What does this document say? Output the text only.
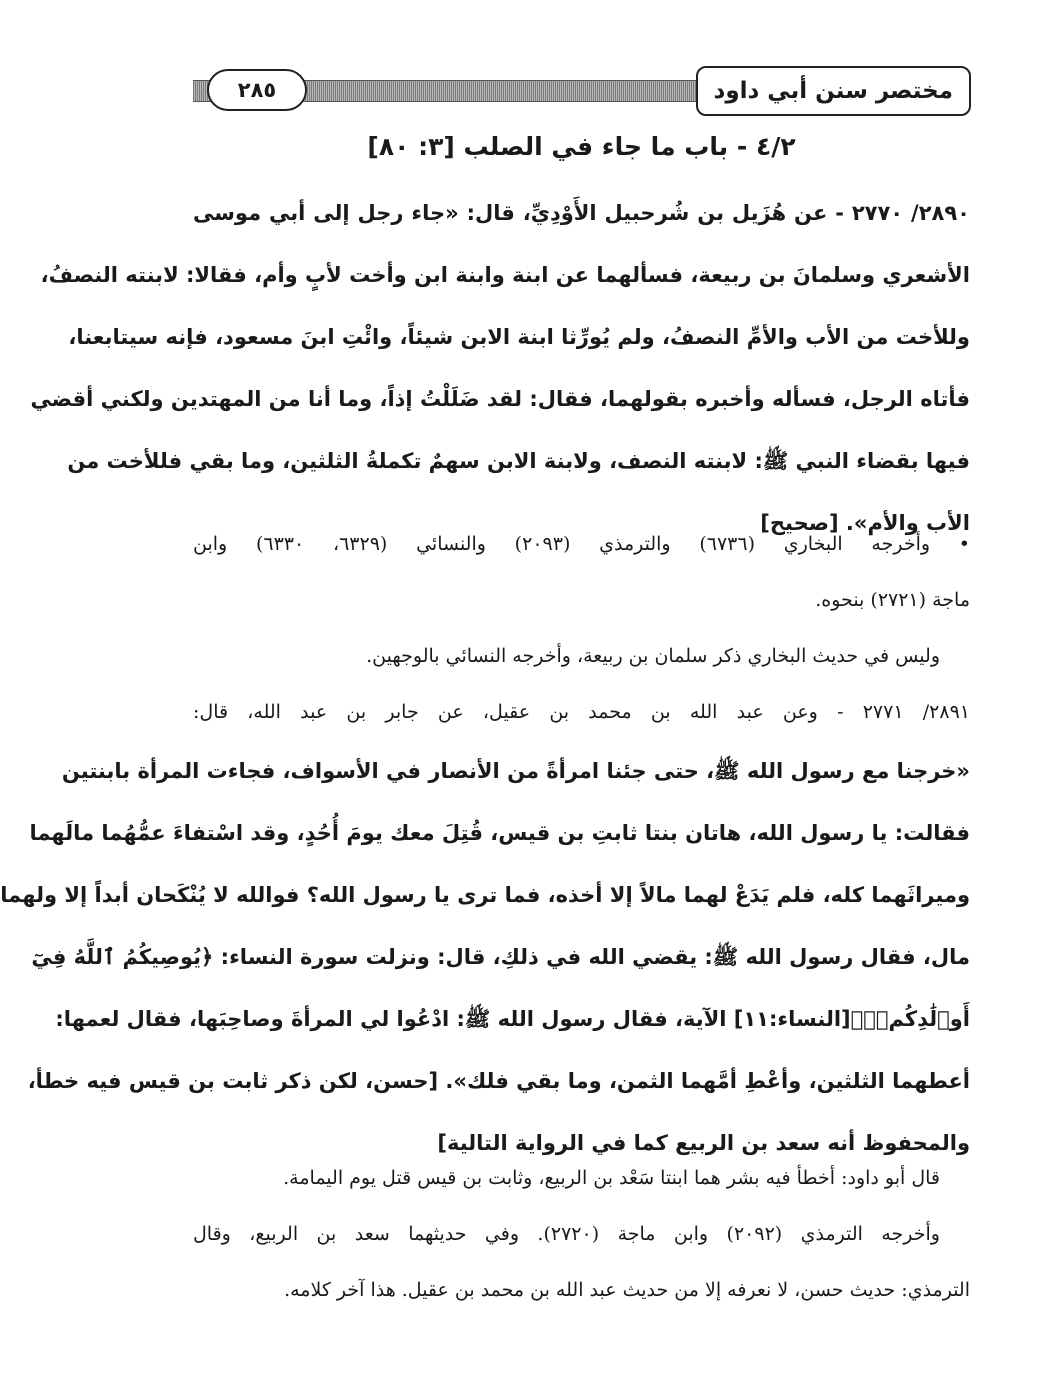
مختصر سنن أبي داود
٢٨٥
٤/٢ - باب ما جاء في الصلب [٣: ٨٠]
٢٨٩٠/ ٢٧٧٠ - عن هُزَيل بن شُرحبيل الأَوْدِيِّ، قال: «جاء رجل إلى أبي موسى
الأشعري وسلمانَ بن ربيعة، فسألهما عن ابنة وابنة ابن وأخت لأبٍ وأم، فقالا: لابنته النصفُ،
وللأخت من الأب والأمِّ النصفُ، ولم يُورِّثا ابنة الابن شيئاً، وائْتِ ابنَ مسعود، فإنه سيتابعنا،
فأتاه الرجل، فسأله وأخبره بقولهما، فقال: لقد ضَلَلْتُ إذاً، وما أنا من المهتدين ولكني أقضي
فيها بقضاء النبي ﷺ: لابنته النصف، ولابنة الابن سهمٌ تكملةُ الثلثين، وما بقي فللأخت من
الأب والأم». [صحيح]
• وأخرجه البخاري (٦٧٣٦) والترمذي (٢٠٩٣) والنسائي (٦٣٢٩، ٦٣٣٠) وابن
ماجة (٢٧٢١) بنحوه.
وليس في حديث البخاري ذكر سلمان بن ربيعة، وأخرجه النسائي بالوجهين.
٢٨٩١/ ٢٧٧١ - وعن عبد الله بن محمد بن عقيل، عن جابر بن عبد الله، قال:
«خرجنا مع رسول الله ﷺ، حتى جئنا امرأةً من الأنصار في الأسواف، فجاءت المرأة بابنتين
فقالت: يا رسول الله، هاتان بنتا ثابتِ بن قيس، قُتِلَ معك يومَ أُحُدٍ، وقد اسْتفاءَ عمُّهُما مالَهما
وميراثَهما كله، فلم يَدَعْ لهما مالاً إلا أخذه، فما ترى يا رسول الله؟ فوالله لا يُنْكَحان أبداً إلا ولهما
مال، فقال رسول الله ﷺ: يقضي الله في ذلكِ، قال: ونزلت سورة النساء: ﴿يُوصِيكُمُ ٱللَّهُ فِيٓ
أَوۡلَٰدِكُمۡۖ﴾[النساء:١١] الآية، فقال رسول الله ﷺ: ادْعُوا لي المرأةَ وصاحِبَها، فقال لعمها:
أعطهما الثلثين، وأعْطِ أمَّهما الثمن، وما بقي فلك». [حسن، لكن ذكر ثابت بن قيس فيه خطأ،
والمحفوظ أنه سعد بن الربيع كما في الرواية التالية]
قال أبو داود: أخطأ فيه بشر هما ابنتا سَعْد بن الربيع، وثابت بن قيس قتل يوم اليمامة.
وأخرجه الترمذي (٢٠٩٢) وابن ماجة (٢٧٢٠). وفي حديثهما سعد بن الربيع، وقال
الترمذي: حديث حسن، لا نعرفه إلا من حديث عبد الله بن محمد بن عقيل. هذا آخر كلامه.
